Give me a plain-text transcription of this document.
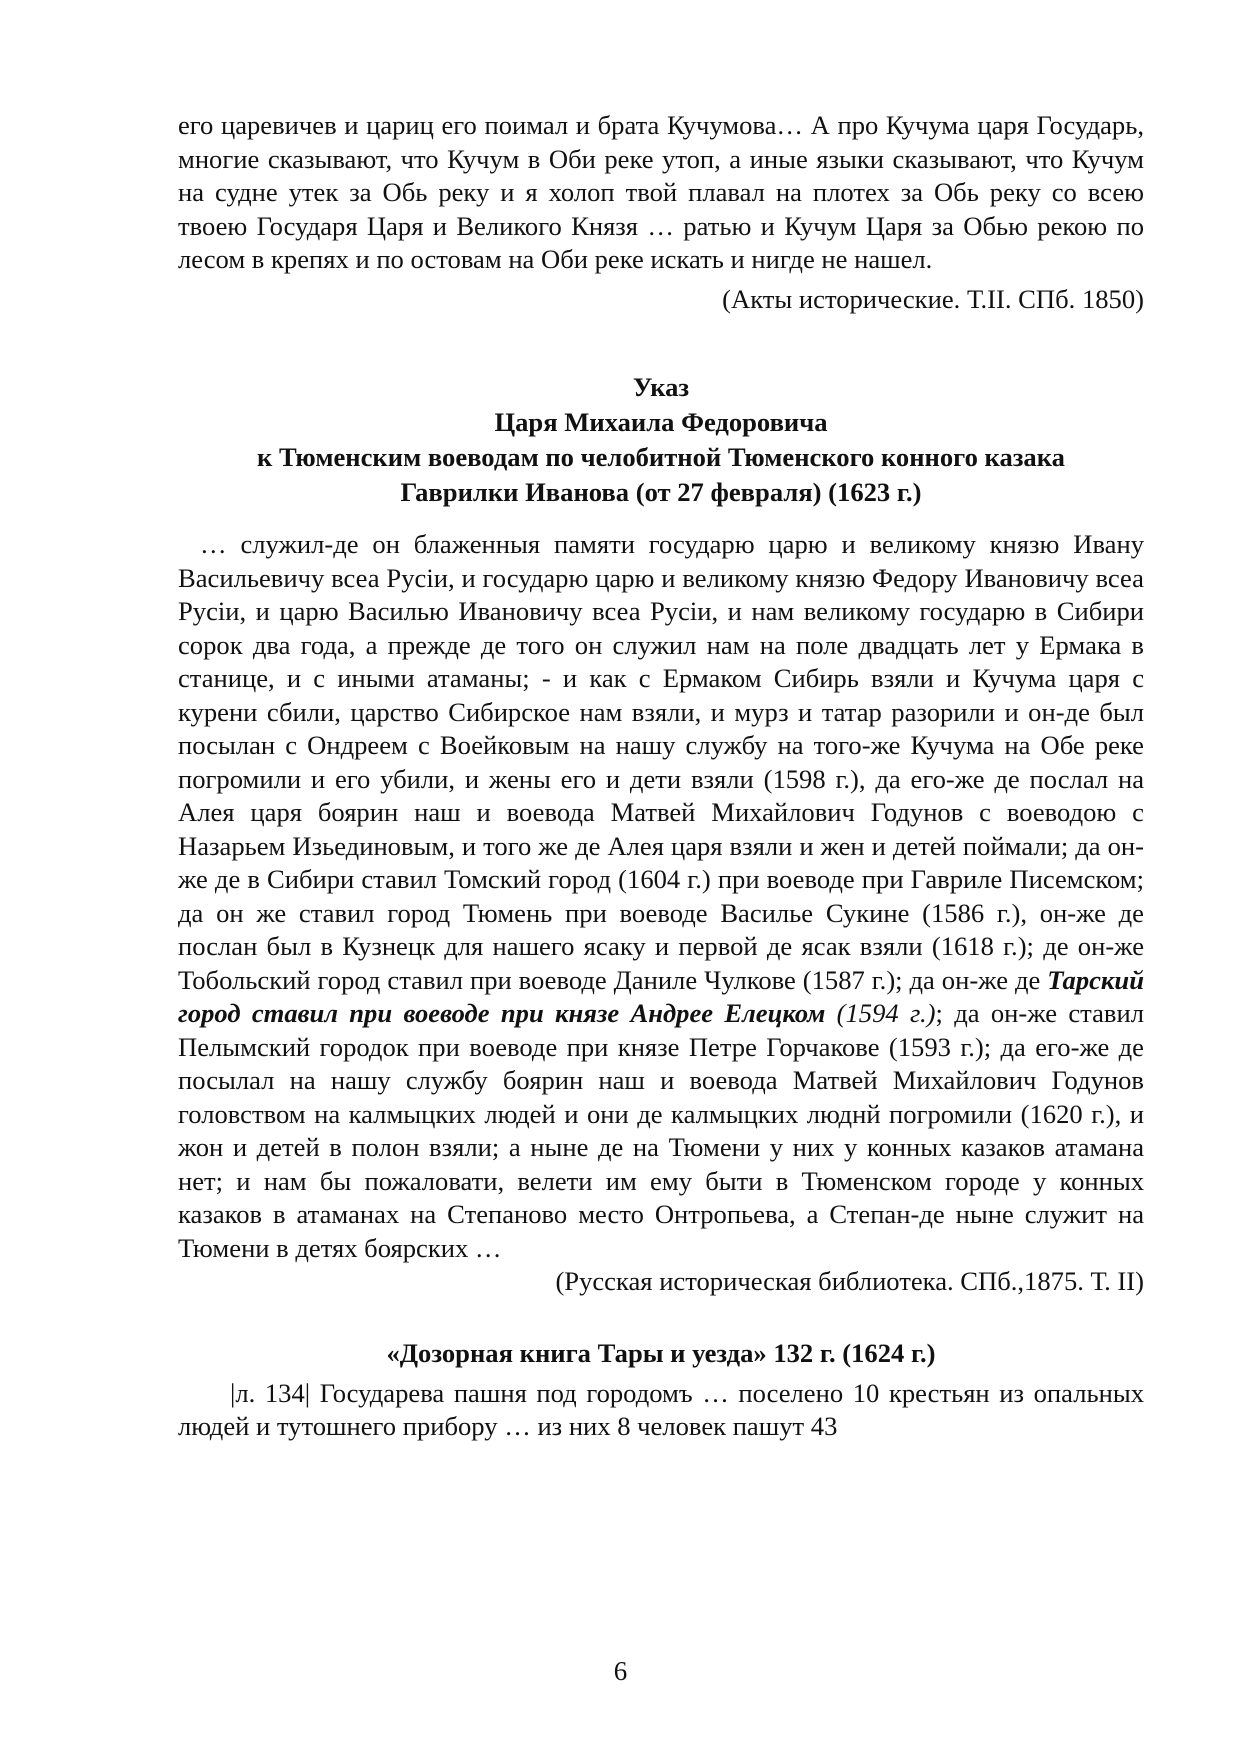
его царевичев и цариц его поимал и брата Кучумова… А про Кучума царя Государь, многие сказывают, что Кучум в Оби реке утоп, а иные языки сказывают, что Кучум на судне утек за Обь реку и я холоп твой плавал на плотех за Обь реку со всею твоею Государя Царя и Великого Князя … ратью и Кучум Царя за Обью рекою по лесом в крепях и по остовам на Оби реке искать и нигде не нашел.

(Акты исторические. Т.II. СПб. 1850)

Указ

Царя Михаила Федоровича

к Тюменским воеводам по челобитной Тюменского конного казака

Гаврилки Иванова (от 27 февраля) (1623 г.)

… служил-де он блаженныя памяти государю царю и великому князю Ивану Васильевичу всеа Русiи, и государю царю и великому князю Федору Ивановичу всеа Русiи, и царю Василью Ивановичу всеа Русiи, и нам великому государю в Сибири сорок два года, а прежде де того он служил нам на поле двадцать лет у Ермака в станице, и с иными атаманы; - и как с Ермаком Сибирь взяли и Кучума царя с курени сбили, царство Сибирское нам взяли, и мурз и татар разорили и он-де был посылан с Ондреем с Воейковым на нашу службу на того-же Кучума на Обе реке погромили и его убили, и жены его и дети взяли (1598 г.), да его-же де послал на Алея царя боярин наш и воевода Матвей Михайлович Годунов с воеводою с Назарьем Изьединовым, и того же де Алея царя взяли и жен и детей поймали; да он-же де в Сибири ставил Томский город (1604 г.) при воеводе при Гавриле Писемском; да он же ставил город Тюмень при воеводе Василье Сукине (1586 г.), он-же де послан был в Кузнецк для нашего ясаку и первой де ясак взяли (1618 г.); де он-же Тобольский город ставил при воеводе Даниле Чулкове (1587 г.); да он-же де Тарский город ставил при воеводе при князе Андрее Елецком (1594 г.); да он-же ставил Пелымский городок при воеводе при князе Петре Горчакове (1593 г.); да его-же де посылал на нашу службу боярин наш и воевода Матвей Михайлович Годунов головством на калмыцких людей и они де калмыцких люднй погромили (1620 г.), и жон и детей в полон взяли; а ныне де на Тюмени у них у конных казаков атамана нет; и нам бы пожаловати, велети им ему быти в Тюменском городе у конных казаков в атаманах на Степаново место Онтропьева, а Степан-де ныне служит на Тюмени в детях боярских …

(Русская историческая библиотека. СПб.,1875. Т. II)

«Дозорная книга Тары и уезда» 132 г. (1624 г.)

|л. 134| Государева пашня под городомъ … поселено 10 крестьян из опальных людей и тутошнего прибору … из них 8 человек пашут 43

6
